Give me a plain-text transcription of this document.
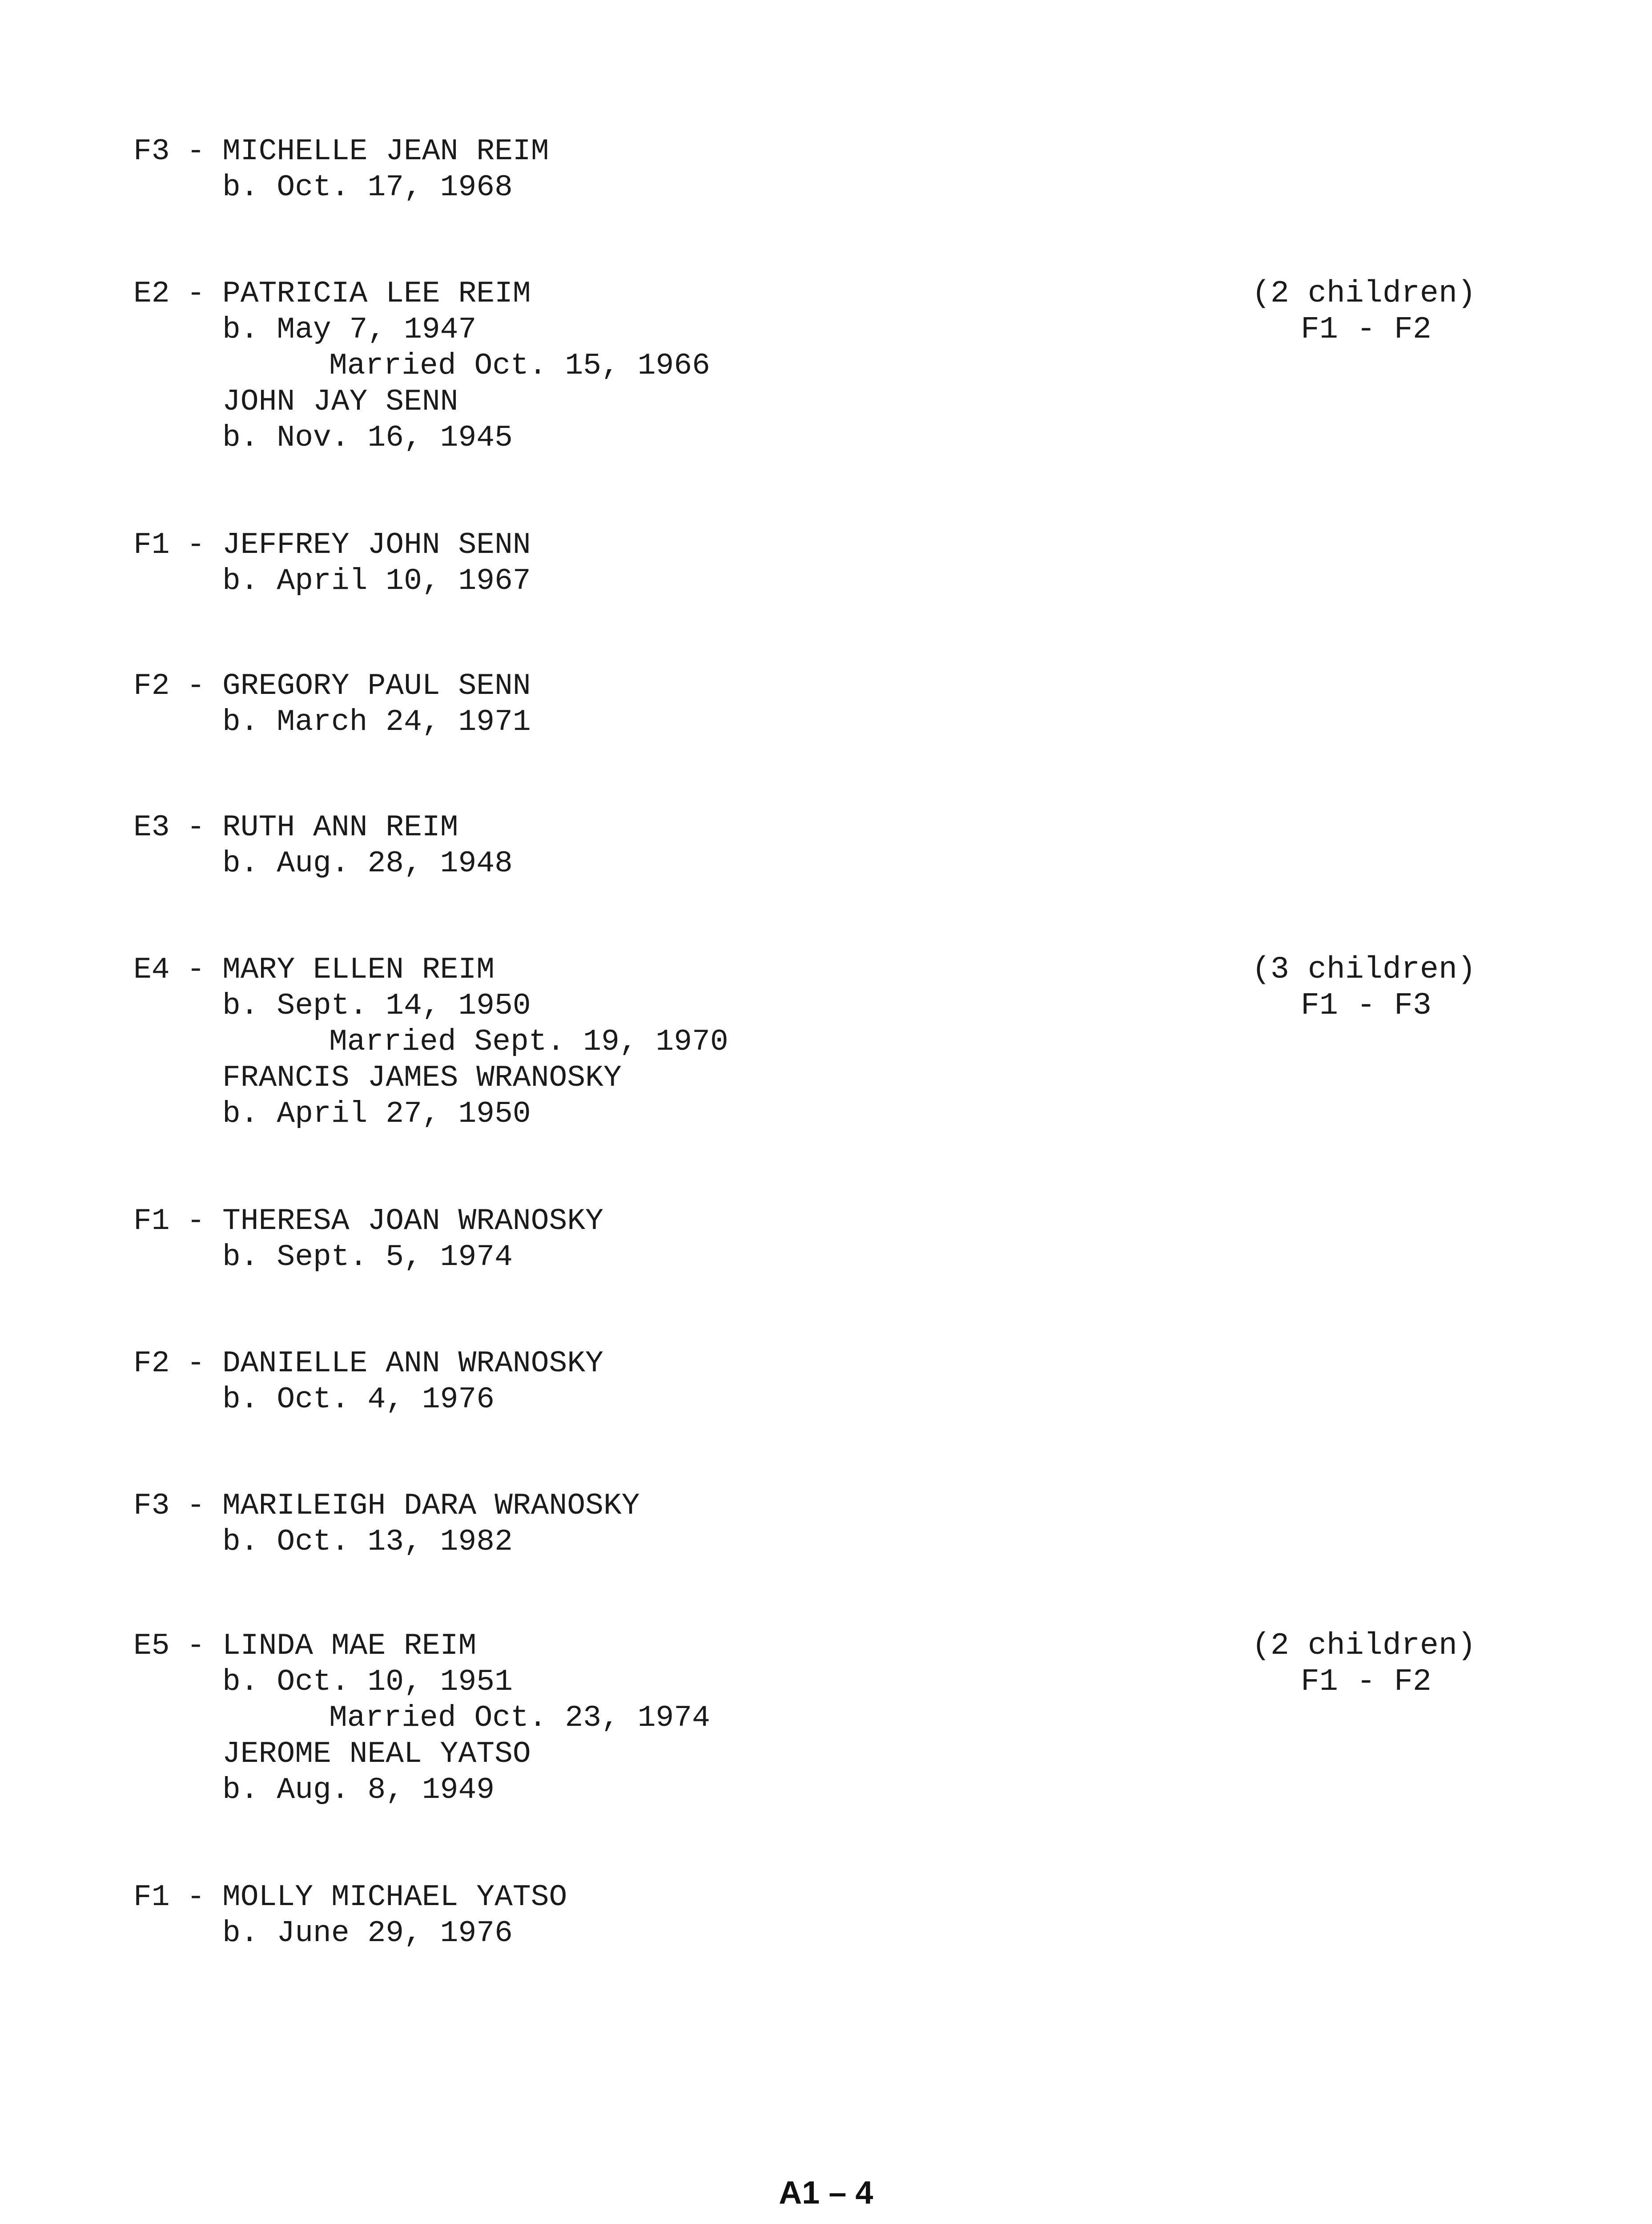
F3 - MICHELLE JEAN REIM
b. Oct. 17, 1968
E2 - PATRICIA LEE REIM
b. May 7, 1947
Married Oct. 15, 1966
JOHN JAY SENN
b. Nov. 16, 1945
(2 children)
F1 - F2
F1 - JEFFREY JOHN SENN
b. April 10, 1967
F2 - GREGORY PAUL SENN
b. March 24, 1971
E3 - RUTH ANN REIM
b. Aug. 28, 1948
E4 - MARY ELLEN REIM
b. Sept. 14, 1950
Married Sept. 19, 1970
FRANCIS JAMES WRANOSKY
b. April 27, 1950
(3 children)
F1 - F3
F1 - THERESA JOAN WRANOSKY
b. Sept. 5, 1974
F2 - DANIELLE ANN WRANOSKY
b. Oct. 4, 1976
F3 - MARILEIGH DARA WRANOSKY
b. Oct. 13, 1982
E5 - LINDA MAE REIM
b. Oct. 10, 1951
Married Oct. 23, 1974
JEROME NEAL YATSO
b. Aug. 8, 1949
(2 children)
F1 - F2
F1 - MOLLY MICHAEL YATSO
b. June 29, 1976
A1 – 4
